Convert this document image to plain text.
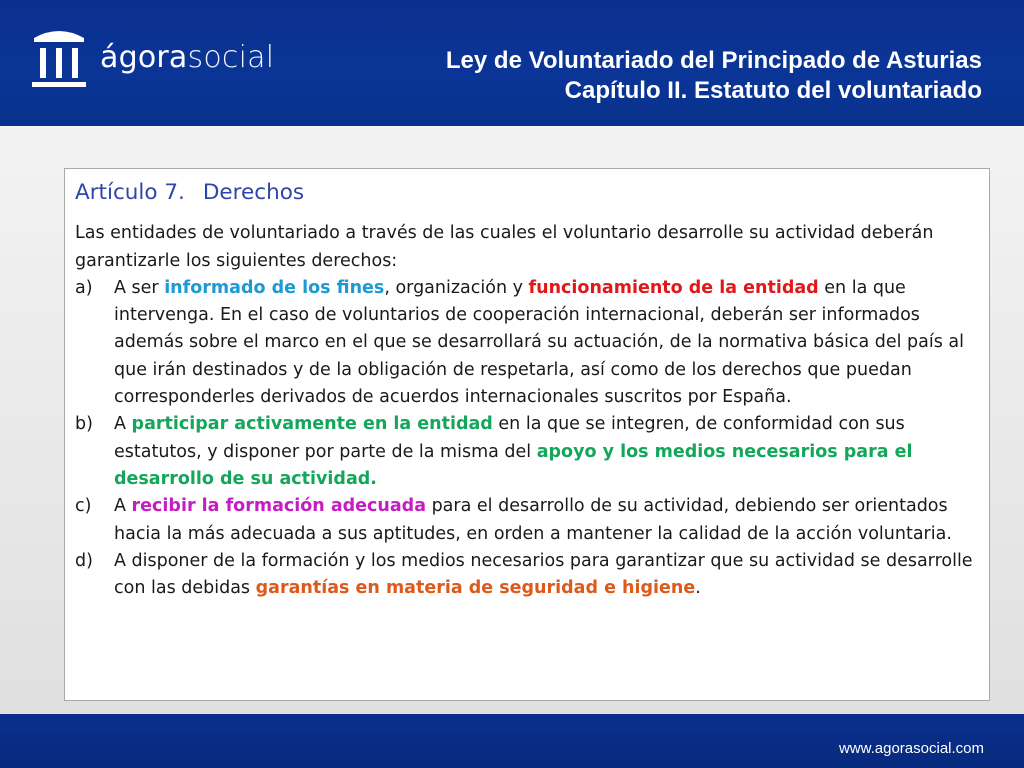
ágorasocial	Ley de Voluntariado del Principado de Asturias
Capítulo II. Estatuto del voluntariado
Artículo 7. Derechos

Las entidades de voluntariado a través de las cuales el voluntario desarrolle su actividad deberán garantizarle los siguientes derechos:

a) A ser informado de los fines, organización y funcionamiento de la entidad en la que intervenga. En el caso de voluntarios de cooperación internacional, deberán ser informados además sobre el marco en el que se desarrollará su actuación, de la normativa básica del país al que irán destinados y de la obligación de respetarla, así como de los derechos que puedan corresponderles derivados de acuerdos internacionales suscritos por España.
b) A participar activamente en la entidad en la que se integren, de conformidad con sus estatutos, y disponer por parte de la misma del apoyo y los medios necesarios para el desarrollo de su actividad.
c) A recibir la formación adecuada para el desarrollo de su actividad, debiendo ser orientados hacia la más adecuada a sus aptitudes, en orden a mantener la calidad de la acción voluntaria.
d) A disponer de la formación y los medios necesarios para garantizar que su actividad se desarrolle con las debidas garantías en materia de seguridad e higiene.
www.agorasocial.com
